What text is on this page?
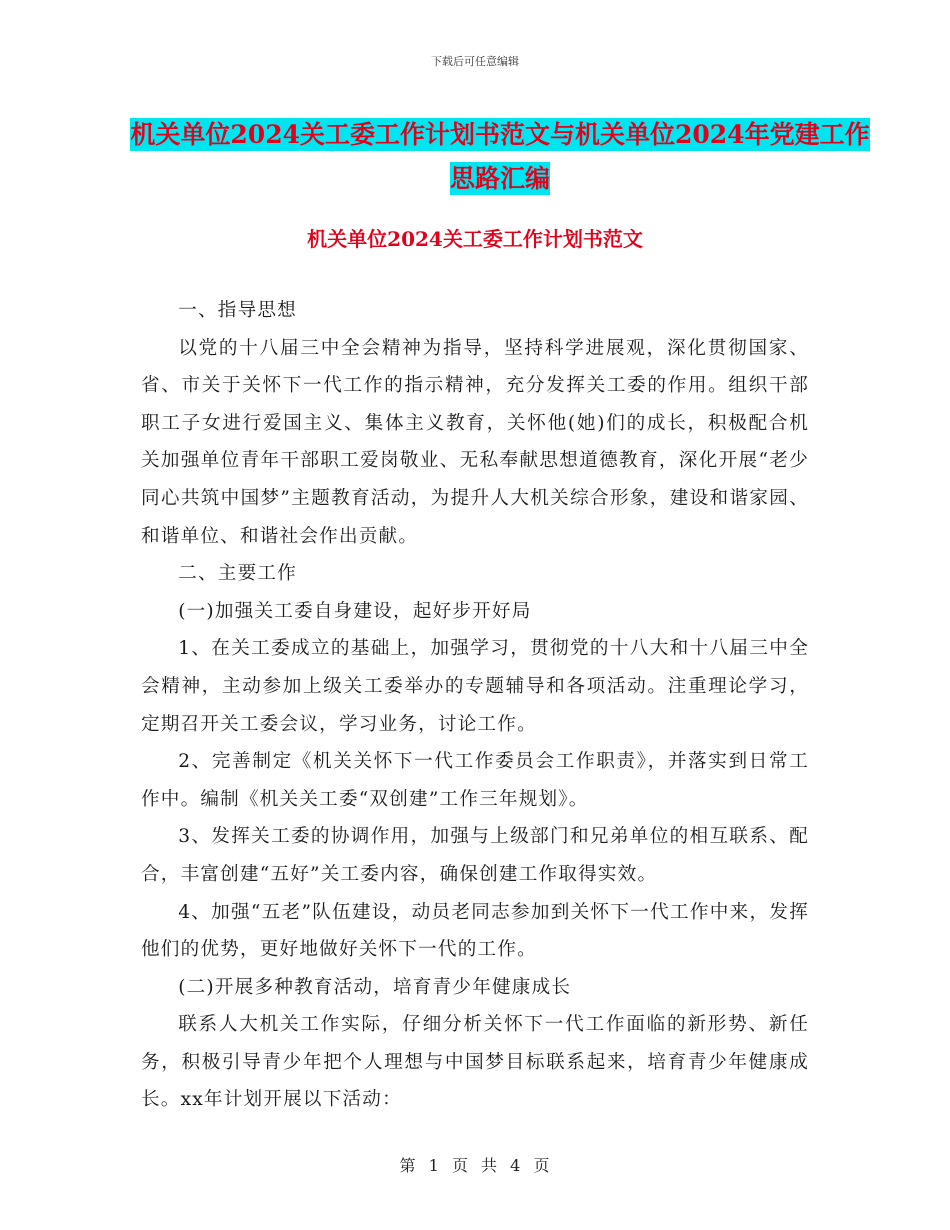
下载后可任意编辑
机关单位2024关工委工作计划书范文与机关单位2024年党建工作思路汇编
机关单位2024关工委工作计划书范文

一、指导思想

以党的十八届三中全会精神为指导，坚持科学进展观，深化贯彻国家、省、市关于关怀下一代工作的指示精神，充分发挥关工委的作用。组织干部职工子女进行爱国主义、集体主义教育，关怀他(她)们的成长，积极配合机关加强单位青年干部职工爱岗敬业、无私奉献思想道德教育，深化开展“老少同心共筑中国梦”主题教育活动，为提升人大机关综合形象，建设和谐家园、和谐单位、和谐社会作出贡献。

二、主要工作

(一)加强关工委自身建设，起好步开好局

1、在关工委成立的基础上，加强学习，贯彻党的十八大和十八届三中全会精神，主动参加上级关工委举办的专题辅导和各项活动。注重理论学习，定期召开关工委会议，学习业务，讨论工作。

2、完善制定《机关关怀下一代工作委员会工作职责》，并落实到日常工作中。编制《机关关工委“双创建”工作三年规划》。

3、发挥关工委的协调作用，加强与上级部门和兄弟单位的相互联系、配合，丰富创建“五好”关工委内容，确保创建工作取得实效。

4、加强“五老”队伍建设，动员老同志参加到关怀下一代工作中来，发挥他们的优势，更好地做好关怀下一代的工作。

(二)开展多种教育活动，培育青少年健康成长

联系人大机关工作实际，仔细分析关怀下一代工作面临的新形势、新任务，积极引导青少年把个人理想与中国梦目标联系起来，培育青少年健康成长。xx年计划开展以下活动：

第 1 页 共 4 页
